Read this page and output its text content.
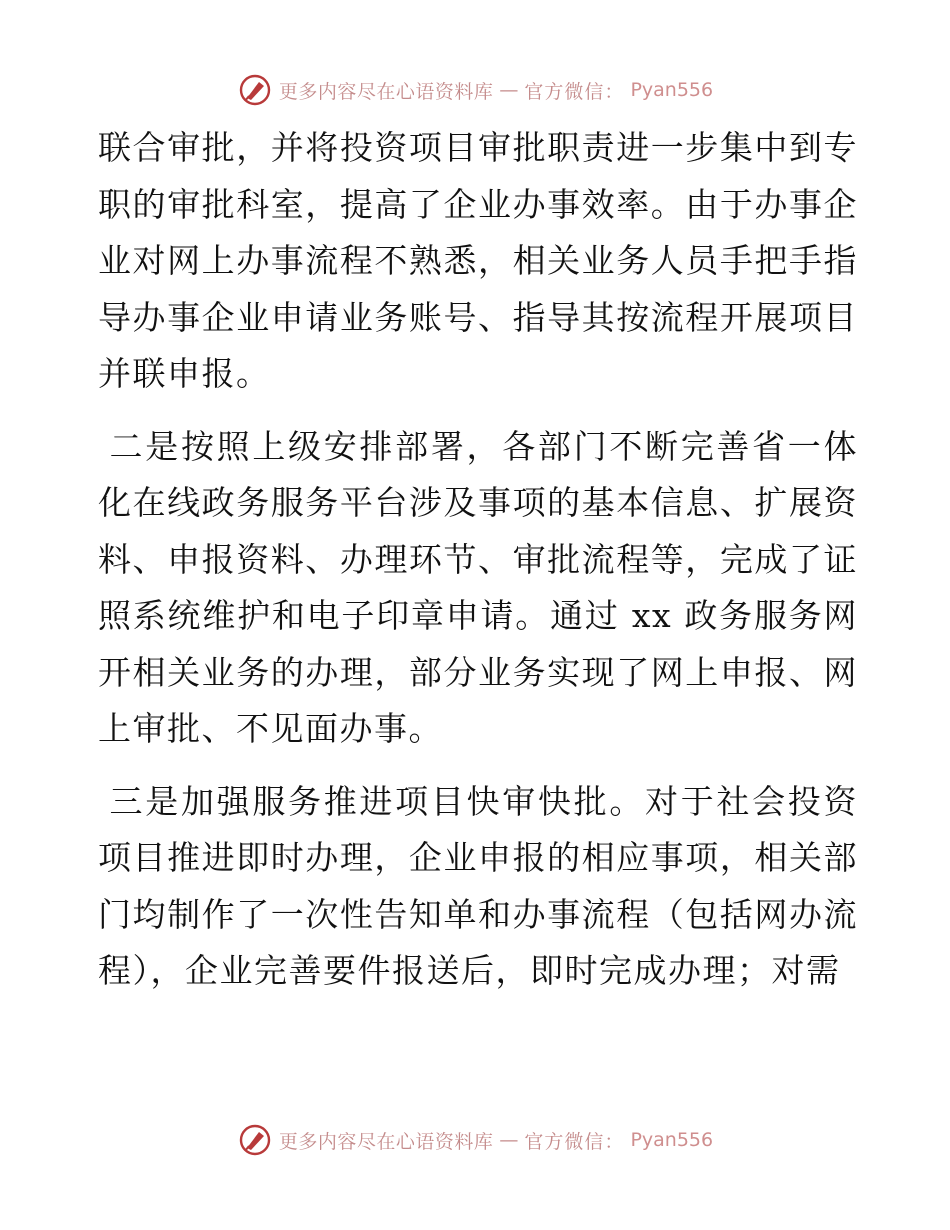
更多内容尽在心语资料库 — 官方微信： Pyan556

联合审批，并将投资项目审批职责进一步集中到专职的审批科室，提高了企业办事效率。由于办事企业对网上办事流程不熟悉，相关业务人员手把手指导办事企业申请业务账号、指导其按流程开展项目并联申报。

二是按照上级安排部署，各部门不断完善省一体化在线政务服务平台涉及事项的基本信息、扩展资料、申报资料、办理环节、审批流程等，完成了证照系统维护和电子印章申请。通过 xx 政务服务网开相关业务的办理，部分业务实现了网上申报、网上审批、不见面办事。

三是加强服务推进项目快审快批。对于社会投资项目推进即时办理，企业申报的相应事项，相关部门均制作了一次性告知单和办事流程（包括网办流程），企业完善要件报送后，即时完成办理；对需

更多内容尽在心语资料库 — 官方微信： Pyan556
